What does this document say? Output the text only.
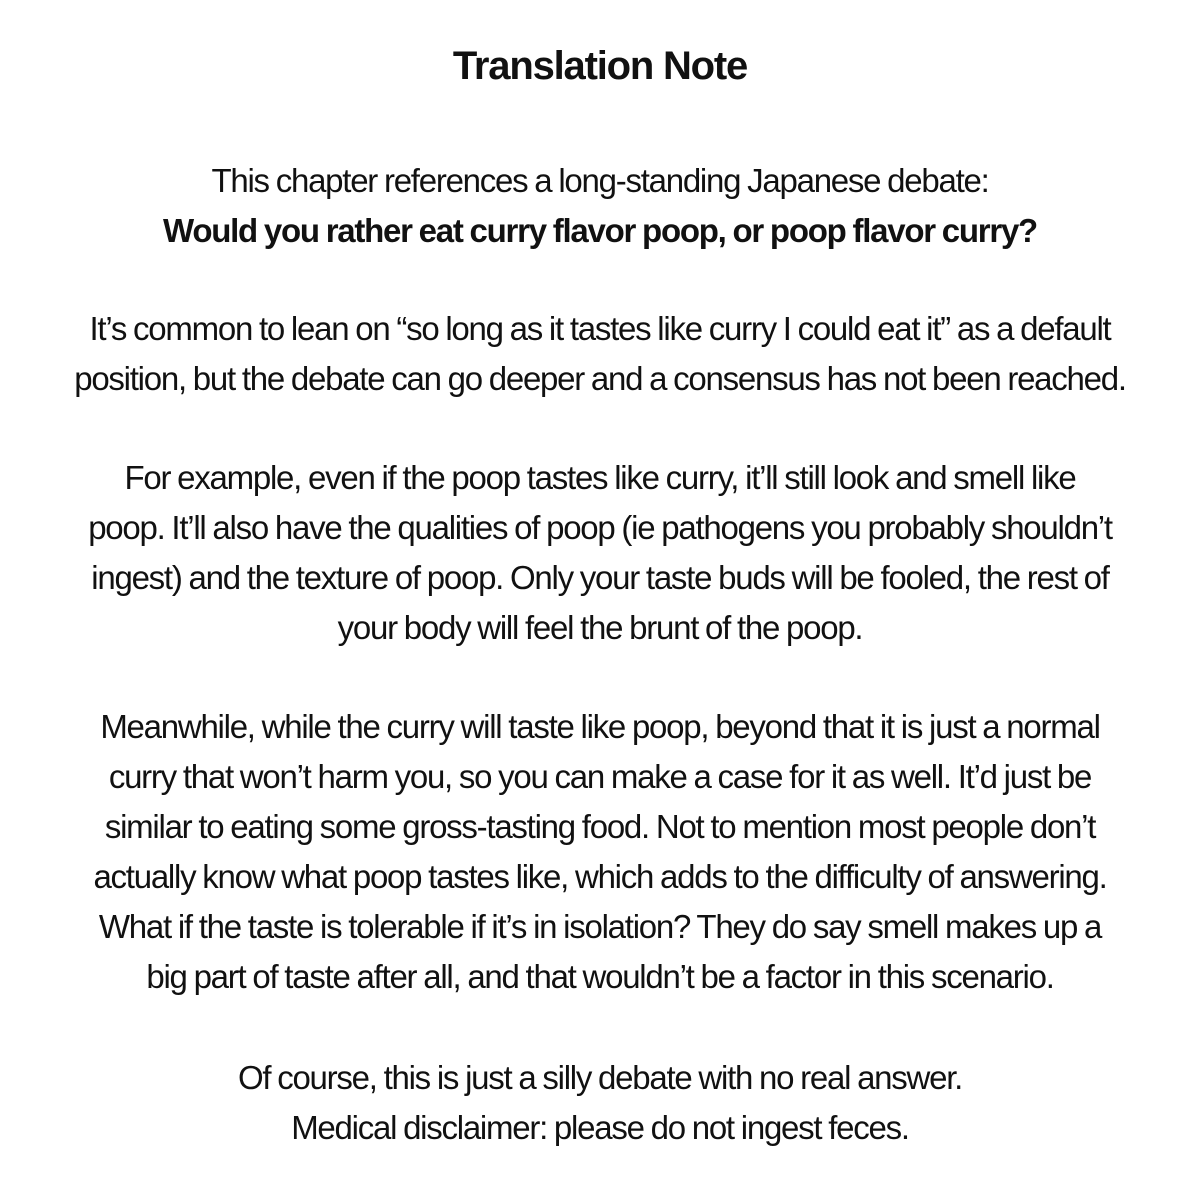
Translation Note

This chapter references a long-standing Japanese debate:
Would you rather eat curry flavor poop, or poop flavor curry?

It’s common to lean on “so long as it tastes like curry I could eat it” as a default
position, but the debate can go deeper and a consensus has not been reached.

For example, even if the poop tastes like curry, it’ll still look and smell like
poop. It’ll also have the qualities of poop (ie pathogens you probably shouldn’t
ingest) and the texture of poop. Only your taste buds will be fooled, the rest of
your body will feel the brunt of the poop.

Meanwhile, while the curry will taste like poop, beyond that it is just a normal
curry that won’t harm you, so you can make a case for it as well. It’d just be
similar to eating some gross-tasting food. Not to mention most people don’t
actually know what poop tastes like, which adds to the difficulty of answering.
What if the taste is tolerable if it’s in isolation? They do say smell makes up a
big part of taste after all, and that wouldn’t be a factor in this scenario.

Of course, this is just a silly debate with no real answer.
Medical disclaimer: please do not ingest feces.
